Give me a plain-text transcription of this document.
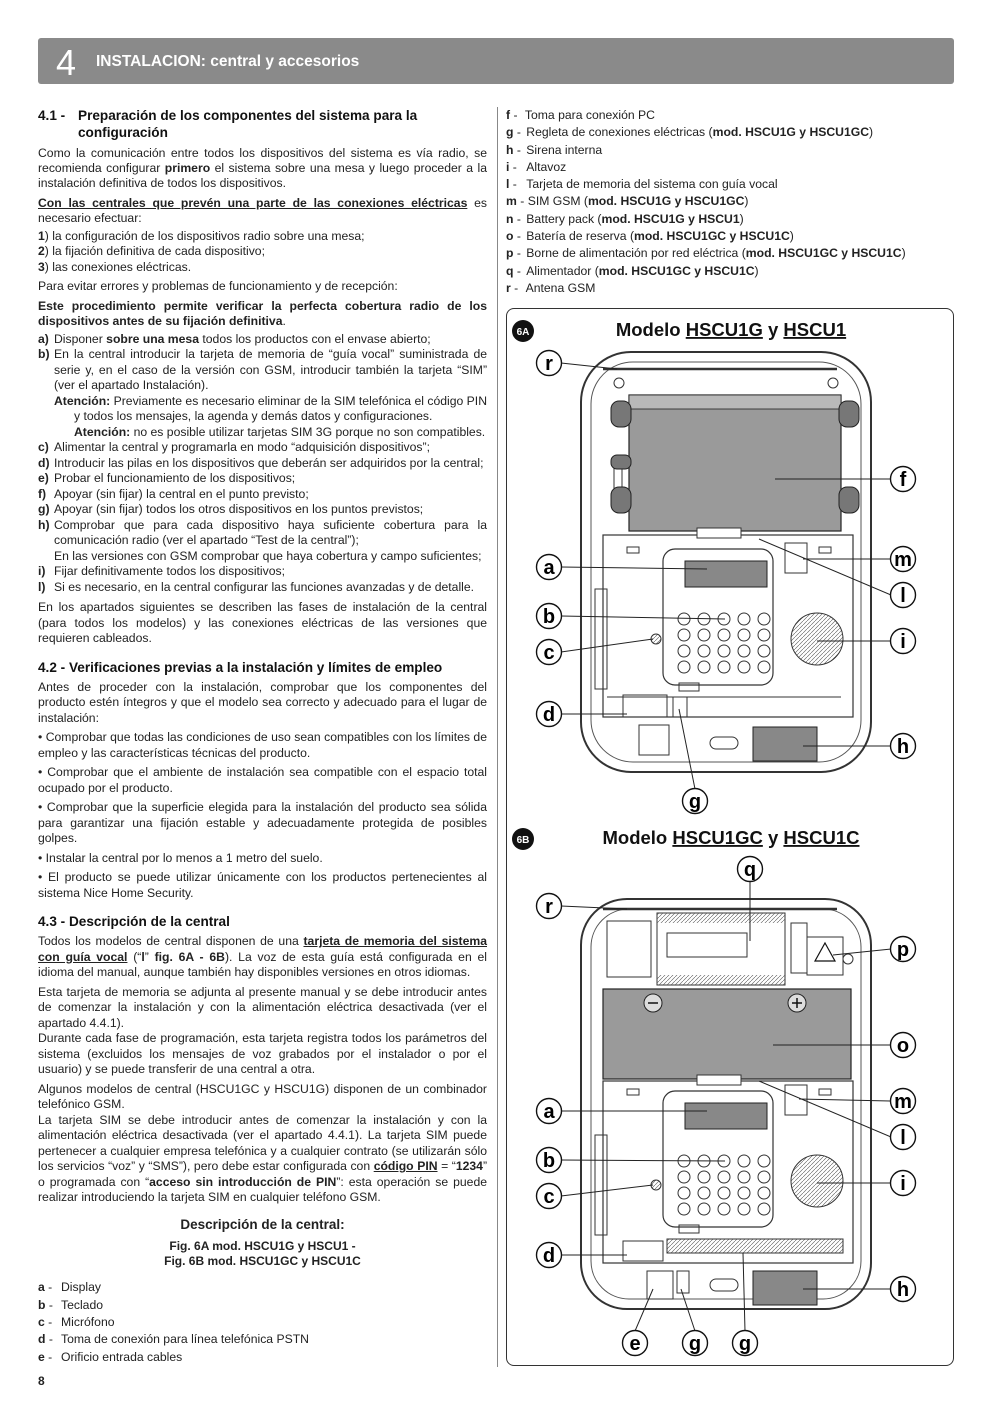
4 INSTALACION: central y accesorios
4.1 - Preparación de los componentes del sistema para la configuración

Como la comunicación entre todos los dispositivos del sistema es vía radio, se recomienda configurar primero el sistema sobre una mesa y luego proceder a la instalación definitiva de todos los dispositivos.

Con las centrales que prevén una parte de las conexiones eléctricas es necesario efectuar:

1) la configuración de los dispositivos radio sobre una mesa;
2) la fijación definitiva de cada dispositivo;
3) las conexiones eléctricas.

Para evitar errores y problemas de funcionamiento y de recepción:

Este procedimiento permite verificar la perfecta cobertura radio de los dispositivos antes de su fijación definitiva.

a) Disponer sobre una mesa todos los productos con el envase abierto;
b) En la central introducir la tarjeta de memoria de “guía vocal” suministrada de serie y, en el caso de la versión con GSM, introducir también la tarjeta “SIM” (ver el apartado Instalación).
Atención: Previamente es necesario eliminar de la SIM telefónica el código PIN y todos los mensajes, la agenda y demás datos y configuraciones.
Atención: no es posible utilizar tarjetas SIM 3G porque no son compatibles.
c) Alimentar la central y programarla en modo “adquisición dispositivos”;
d) Introducir las pilas en los dispositivos que deberán ser adquiridos por la central;
e) Probar el funcionamiento de los dispositivos;
f) Apoyar (sin fijar) la central en el punto previsto;
g) Apoyar (sin fijar) todos los otros dispositivos en los puntos previstos;
h) Comprobar que para cada dispositivo haya suficiente cobertura para la comunicación radio (ver el apartado “Test de la central”);
En las versiones con GSM comprobar que haya cobertura y campo suficientes;
i) Fijar definitivamente todos los dispositivos;
l) Si es necesario, en la central configurar las funciones avanzadas y de detalle.

En los apartados siguientes se describen las fases de instalación de la central (para todos los modelos) y las conexiones eléctricas de las versiones que requieren cableados.

4.2 - Verificaciones previas a la instalación y límites de empleo

Antes de proceder con la instalación, comprobar que los componentes del producto estén íntegros y que el modelo sea correcto y adecuado para el lugar de instalación:

• Comprobar que todas las condiciones de uso sean compatibles con los límites de empleo y las características técnicas del producto.

• Comprobar que el ambiente de instalación sea compatible con el espacio total ocupado por el producto.

• Comprobar que la superficie elegida para la instalación del producto sea sólida para garantizar una fijación estable y adecuadamente protegida de posibles golpes.

• Instalar la central por lo menos a 1 metro del suelo.

• El producto se puede utilizar únicamente con los productos pertenecientes al sistema Nice Home Security.

4.3 - Descripción de la central

Todos los modelos de central disponen de una tarjeta de memoria del sistema con guía vocal (“l” fig. 6A - 6B). La voz de esta guía está configurada en el idioma del manual, aunque también hay disponibles versiones en otros idiomas.

Esta tarjeta de memoria se adjunta al presente manual y se debe introducir antes de comenzar la instalación y con la alimentación eléctrica desactivada (ver el apartado 4.4.1).

Durante cada fase de programación, esta tarjeta registra todos los parámetros del sistema (excluidos los mensajes de voz grabados por el instalador o por el usuario) y se puede transferir de una central a otra.

Algunos modelos de central (HSCU1GC y HSCU1G) disponen de un combinador telefónico GSM.

La tarjeta SIM se debe introducir antes de comenzar la instalación y con la alimentación eléctrica desactivada (ver el apartado 4.4.1). La tarjeta SIM puede pertenecer a cualquier empresa telefónica y a cualquier contrato (se utilizarán sólo los servicios “voz” y “SMS”), pero debe estar configurada con código PIN = “1234” o programada con “acceso sin introducción de PIN”: esta operación se puede realizar introduciendo la tarjeta SIM en cualquier teléfono GSM.

Descripción de la central:
Fig. 6A mod. HSCU1G y HSCU1 -
Fig. 6B mod. HSCU1GC y HSCU1C
a - Display
b - Teclado
c - Micrófono
d - Toma de conexión para línea telefónica PSTN
e - Orificio entrada cables
f - Toma para conexión PC
g - Regleta de conexiones eléctricas (mod. HSCU1G y HSCU1GC)
h - Sirena interna
i - Altavoz
l - Tarjeta de memoria del sistema con guía vocal
m - SIM GSM (mod. HSCU1G y HSCU1GC)
n - Battery pack (mod. HSCU1G y HSCU1)
o - Batería de reserva (mod. HSCU1GC y HSCU1C)
p - Borne de alimentación por red eléctrica (mod. HSCU1GC y HSCU1C)
q - Alimentador (mod. HSCU1GC y HSCU1C)
r - Antena GSM
6A	Modelo HSCU1G y HSCU1
r
f
m
l
i
a
b
c
d
h
g
6B	Modelo HSCU1GC y HSCU1C
q
r
p
o
m
l
i
a
b
c
d
h
e g g
8
